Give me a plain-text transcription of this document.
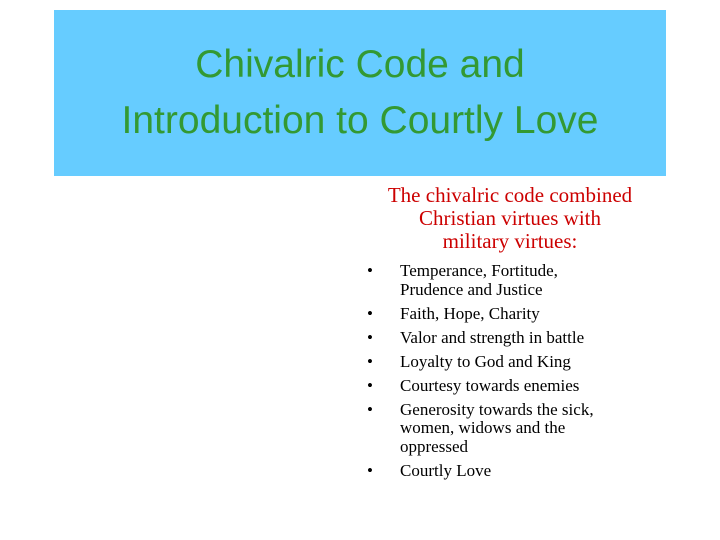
Chivalric Code and
Introduction to Courtly Love
The chivalric code combined
Christian virtues with
military virtues:
• Temperance, Fortitude,
Prudence and Justice
• Faith, Hope, Charity
• Valor and strength in battle
• Loyalty to God and King
• Courtesy towards enemies
• Generosity towards the sick,
women, widows and the
oppressed
• Courtly Love
